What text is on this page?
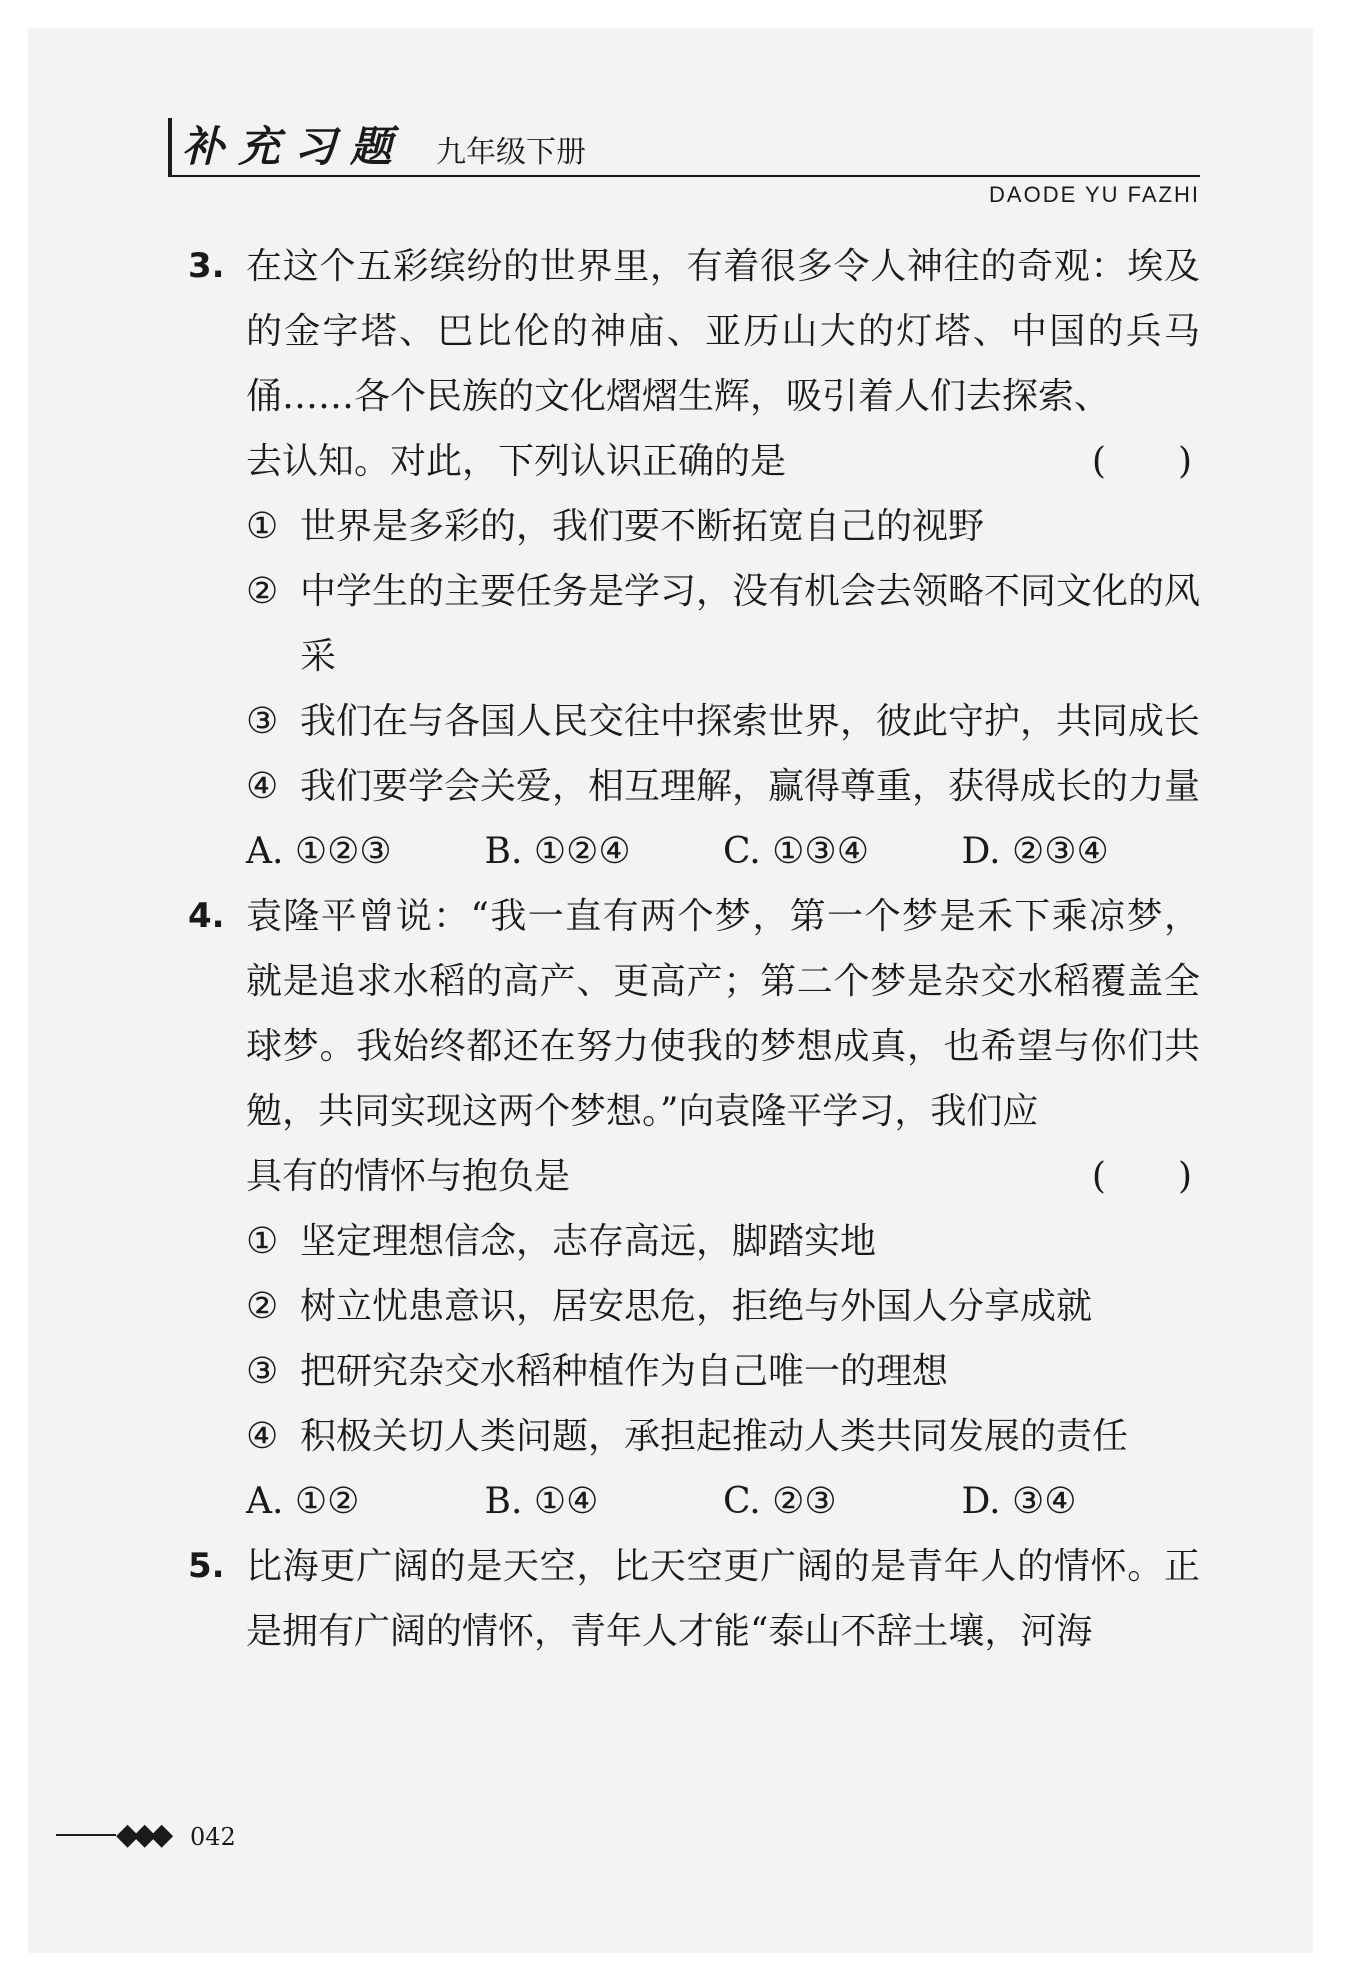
补充习题 九年级下册
DAODE YU FAZHI
3. 在这个五彩缤纷的世界里，有着很多令人神往的奇观：埃及的金字塔、巴比伦的神庙、亚历山大的灯塔、中国的兵马俑……各个民族的文化熠熠生辉，吸引着人们去探索、
去认知。对此，下列认识正确的是	(　　)
① 世界是多彩的，我们要不断拓宽自己的视野
② 中学生的主要任务是学习，没有机会去领略不同文化的风采
③ 我们在与各国人民交往中探索世界，彼此守护，共同成长
④ 我们要学会关爱，相互理解，赢得尊重，获得成长的力量
A. ①②③	B. ①②④	C. ①③④	D. ②③④
4. 袁隆平曾说：“我一直有两个梦，第一个梦是禾下乘凉梦，就是追求水稻的高产、更高产；第二个梦是杂交水稻覆盖全球梦。我始终都还在努力使我的梦想成真，也希望与你们共勉，共同实现这两个梦想。”向袁隆平学习，我们应
具有的情怀与抱负是	(　　)
① 坚定理想信念，志存高远，脚踏实地
② 树立忧患意识，居安思危，拒绝与外国人分享成就
③ 把研究杂交水稻种植作为自己唯一的理想
④ 积极关切人类问题，承担起推动人类共同发展的责任
A. ①②	B. ①④	C. ②③	D. ③④
5. 比海更广阔的是天空，比天空更广阔的是青年人的情怀。正是拥有广阔的情怀，青年人才能“泰山不辞土壤，河海
◆◆◆ 042
